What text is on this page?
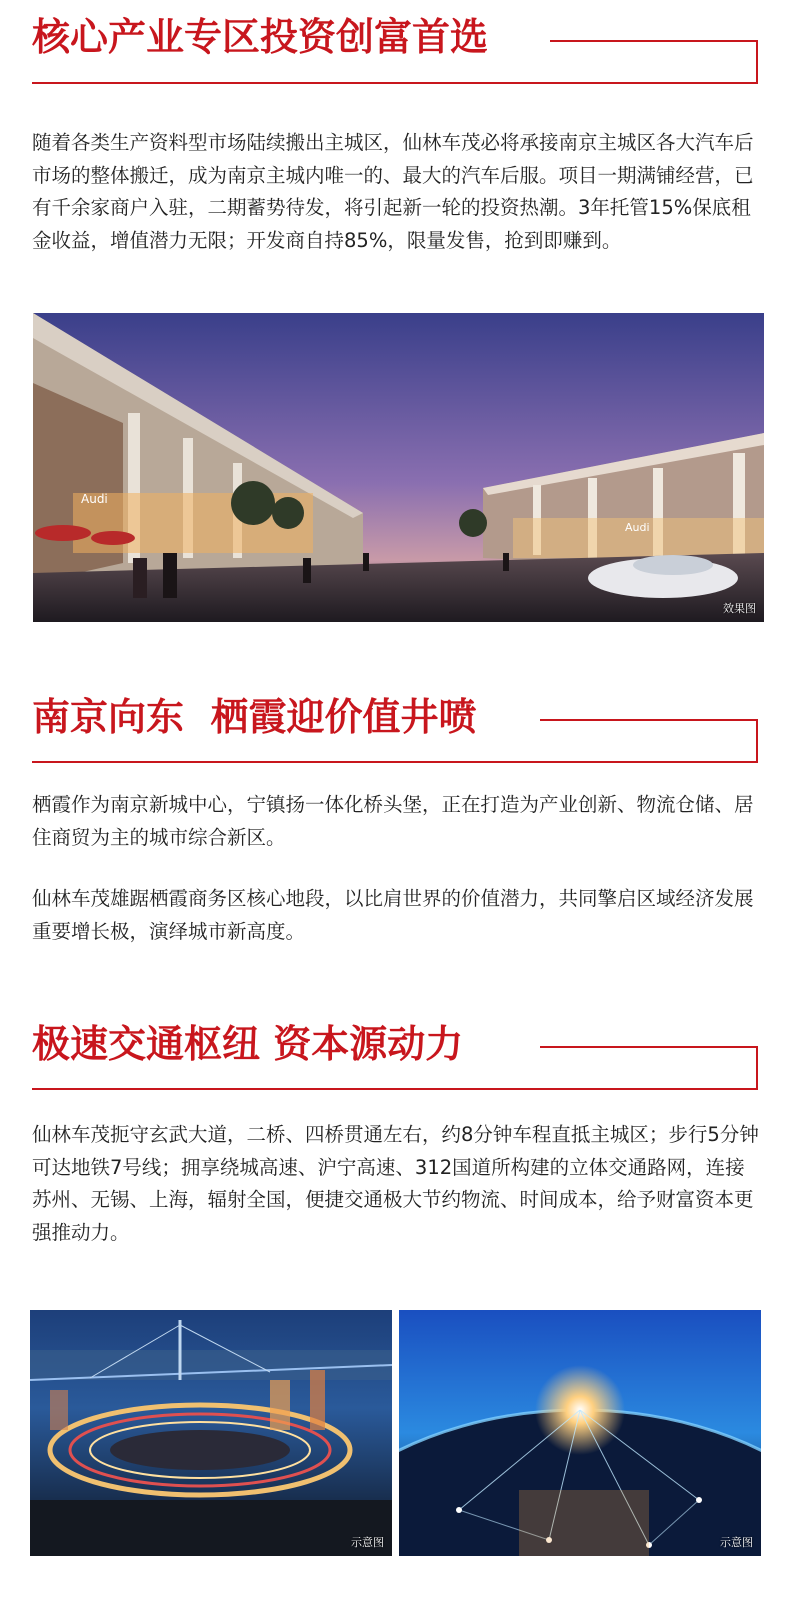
核心产业专区投资创富首选

随着各类生产资料型市场陆续搬出主城区，仙林车茂必将承接南京主城区各大汽车后市场的整体搬迁，成为南京主城内唯一的、最大的汽车后服。项目一期满铺经营，已有千余家商户入驻，二期蓄势待发，将引起新一轮的投资热潮。3年托管15%保底租金收益，增值潜力无限；开发商自持85%，限量发售，抢到即赚到。

Audi
Audi
效果图
南京向东  栖霞迎价值井喷

栖霞作为南京新城中心，宁镇扬一体化桥头堡，正在打造为产业创新、物流仓储、居住商贸为主的城市综合新区。

仙林车茂雄踞栖霞商务区核心地段，以比肩世界的价值潜力，共同擎启区域经济发展重要增长极，演绎城市新高度。

极速交通枢纽 资本源动力

仙林车茂扼守玄武大道，二桥、四桥贯通左右，约8分钟车程直抵主城区；步行5分钟可达地铁7号线；拥享绕城高速、沪宁高速、312国道所构建的立体交通路网，连接苏州、无锡、上海，辐射全国，便捷交通极大节约物流、时间成本，给予财富资本更强推动力。

示意图	示意图
